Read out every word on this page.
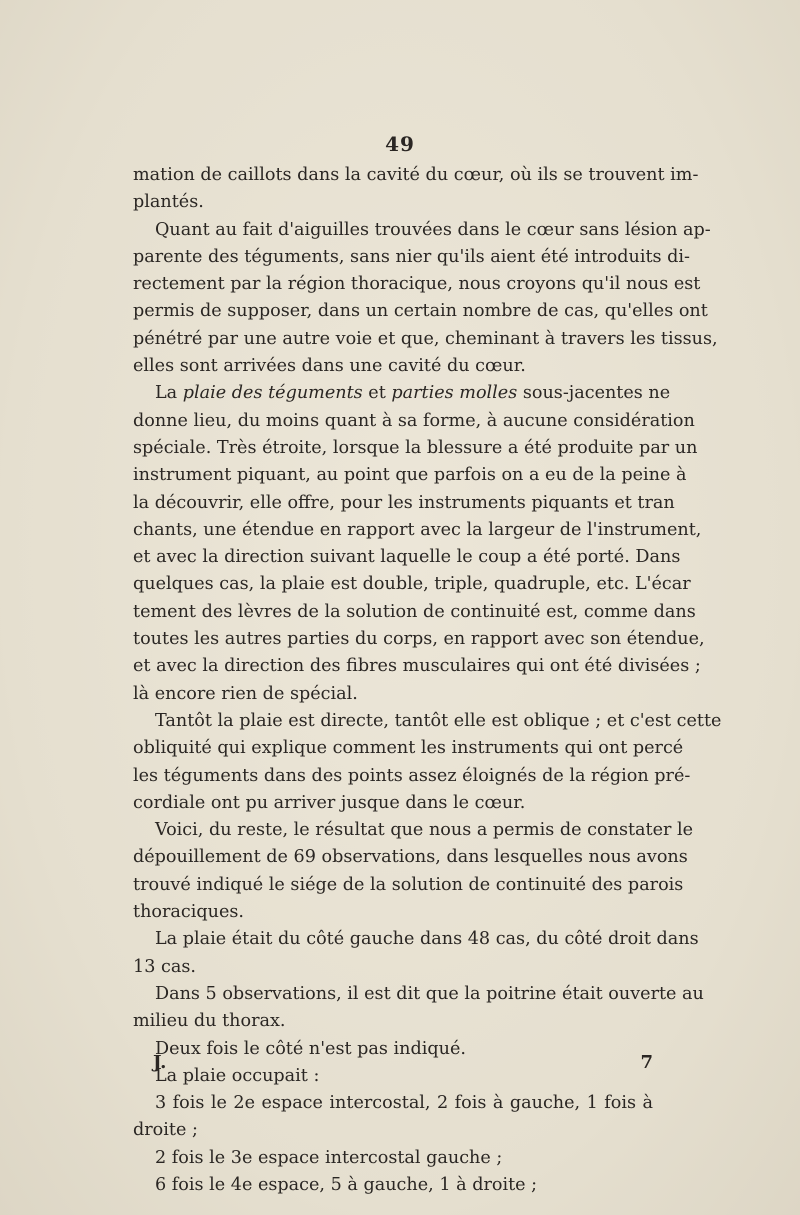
49
mation de caillots dans la cavité du cœur, où ils se trouvent im-
plantés.
Quant au fait d'aiguilles trouvées dans le cœur sans lésion ap-
parente des téguments, sans nier qu'ils aient été introduits di-
rectement par la région thoracique, nous croyons qu'il nous est
permis de supposer, dans un certain nombre de cas, qu'elles ont
pénétré par une autre voie et que, cheminant à travers les tissus,
elles sont arrivées dans une cavité du cœur.
La plaie des téguments et parties molles sous-jacentes ne
donne lieu, du moins quant à sa forme, à aucune considération
spéciale. Très étroite, lorsque la blessure a été produite par un
instrument piquant, au point que parfois on a eu de la peine à
la découvrir, elle offre, pour les instruments piquants et tran
chants, une étendue en rapport avec la largeur de l'instrument,
et avec la direction suivant laquelle le coup a été porté. Dans
quelques cas, la plaie est double, triple, quadruple, etc. L'écar
tement des lèvres de la solution de continuité est, comme dans
toutes les autres parties du corps, en rapport avec son étendue,
et avec la direction des fibres musculaires qui ont été divisées ;
là encore rien de spécial.
Tantôt la plaie est directe, tantôt elle est oblique ; et c'est cette
obliquité qui explique comment les instruments qui ont percé
les téguments dans des points assez éloignés de la région pré-
cordiale ont pu arriver jusque dans le cœur.
Voici, du reste, le résultat que nous a permis de constater le
dépouillement de 69 observations, dans lesquelles nous avons
trouvé indiqué le siége de la solution de continuité des parois
thoraciques.
La plaie était du côté gauche dans 48 cas, du côté droit dans
13 cas.
Dans 5 observations, il est dit que la poitrine était ouverte au
milieu du thorax.
Deux fois le côté n'est pas indiqué.
La plaie occupait :
3 fois le 2e espace intercostal, 2 fois à gauche, 1 fois à
droite ;
2 fois le 3e espace intercostal gauche ;
6 fois le 4e espace, 5 à gauche, 1 à droite ;
J.	7
